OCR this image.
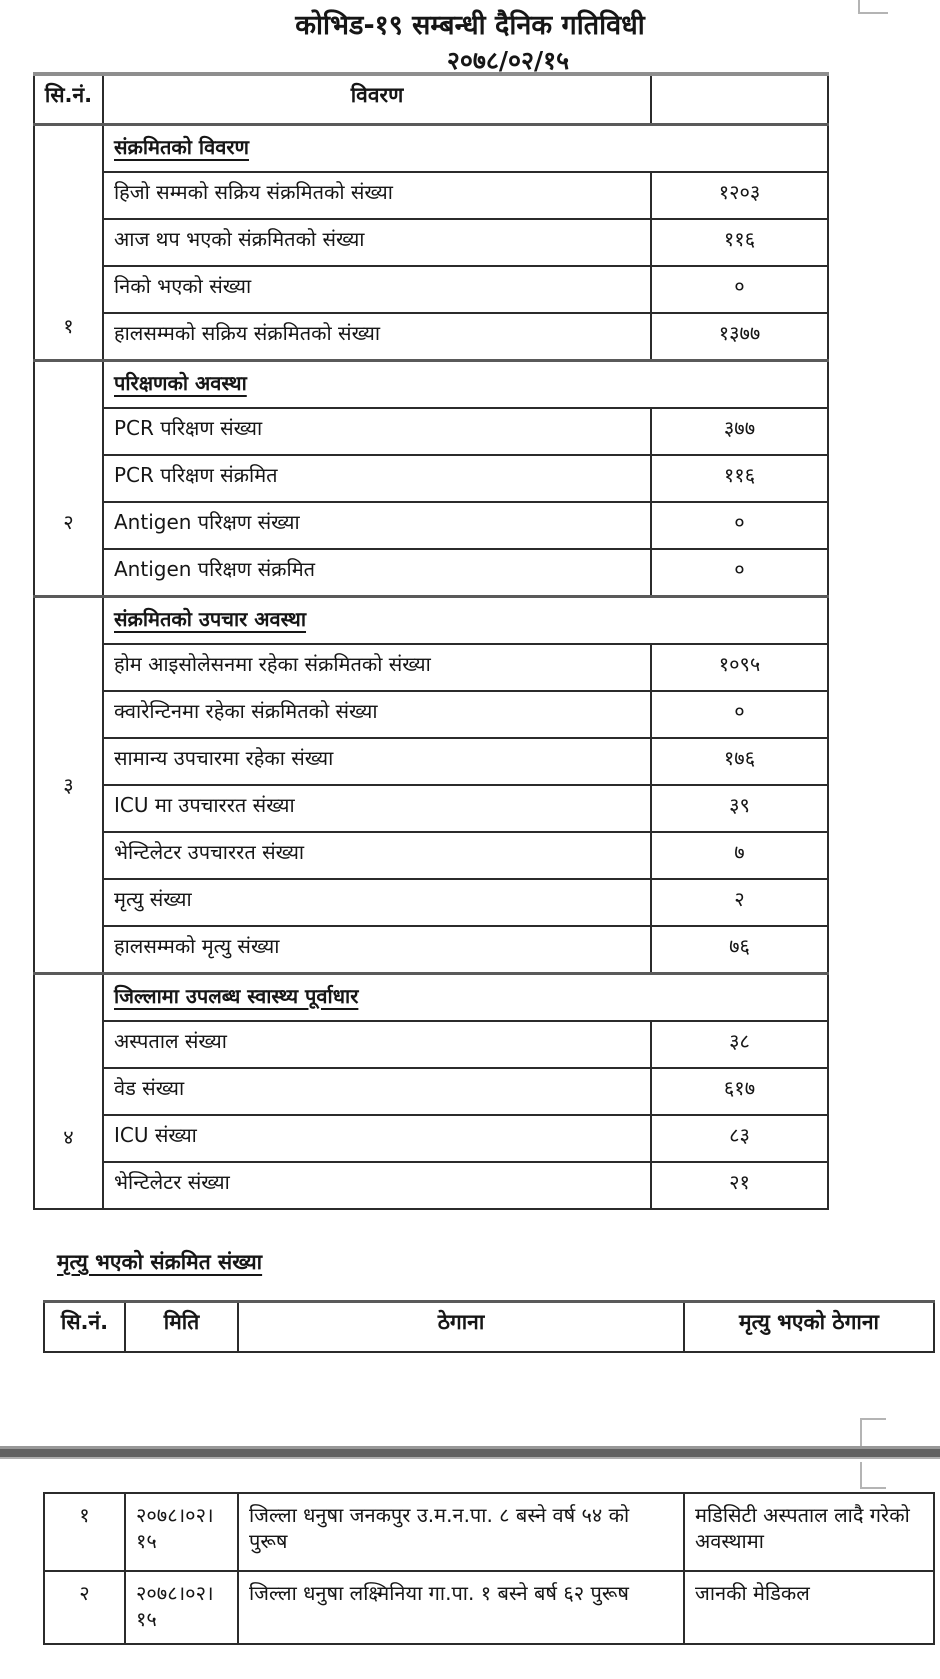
कोभिड-१९ सम्बन्धी दैनिक गतिविधी
२०७८/०२/१५
सि.नं.	विवरण	
१	संक्रमितको विवरण	
	हिजो सम्मको सक्रिय संक्रमितको संख्या	१२०३
	आज थप भएको संक्रमितको संख्या	११६
	निको भएको संख्या	०
	हालसम्मको सक्रिय संक्रमितको संख्या	१३७७
२	परिक्षणको अवस्था	
	PCR परिक्षण संख्या	३७७
	PCR परिक्षण संक्रमित	११६
	Antigen परिक्षण संख्या	०
	Antigen परिक्षण संक्रमित	०
३	संक्रमितको उपचार अवस्था	
	होम आइसोलेसनमा रहेका संक्रमितको संख्या	१०९५
	क्वारेन्टिनमा रहेका संक्रमितको संख्या	०
	सामान्य उपचारमा रहेका संख्या	१७६
	ICU मा उपचाररत संख्या	३९
	भेन्टिलेटर उपचाररत संख्या	७
	मृत्यु संख्या	२
	हालसम्मको मृत्यु संख्या	७६
४	जिल्लामा उपलब्ध स्वास्थ्य पूर्वाधार	
	अस्पताल संख्या	३८
	वेड संख्या	६१७
	ICU संख्या	८३
	भेन्टिलेटर संख्या	२१
मृत्यु भएको संक्रमित संख्या
सि.नं.	मिति	ठेगाना	मृत्यु भएको ठेगाना
१	२०७८।०२। १५	जिल्ला धनुषा जनकपुर उ.म.न.पा. ८ बस्ने वर्ष ५४ को पुरूष	मडिसिटी अस्पताल लादै गरेको अवस्थामा
२	२०७८।०२। १५	जिल्ला धनुषा लक्ष्मिनिया गा.पा. १ बस्ने बर्ष ६२ पुरूष	जानकी मेडिकल
